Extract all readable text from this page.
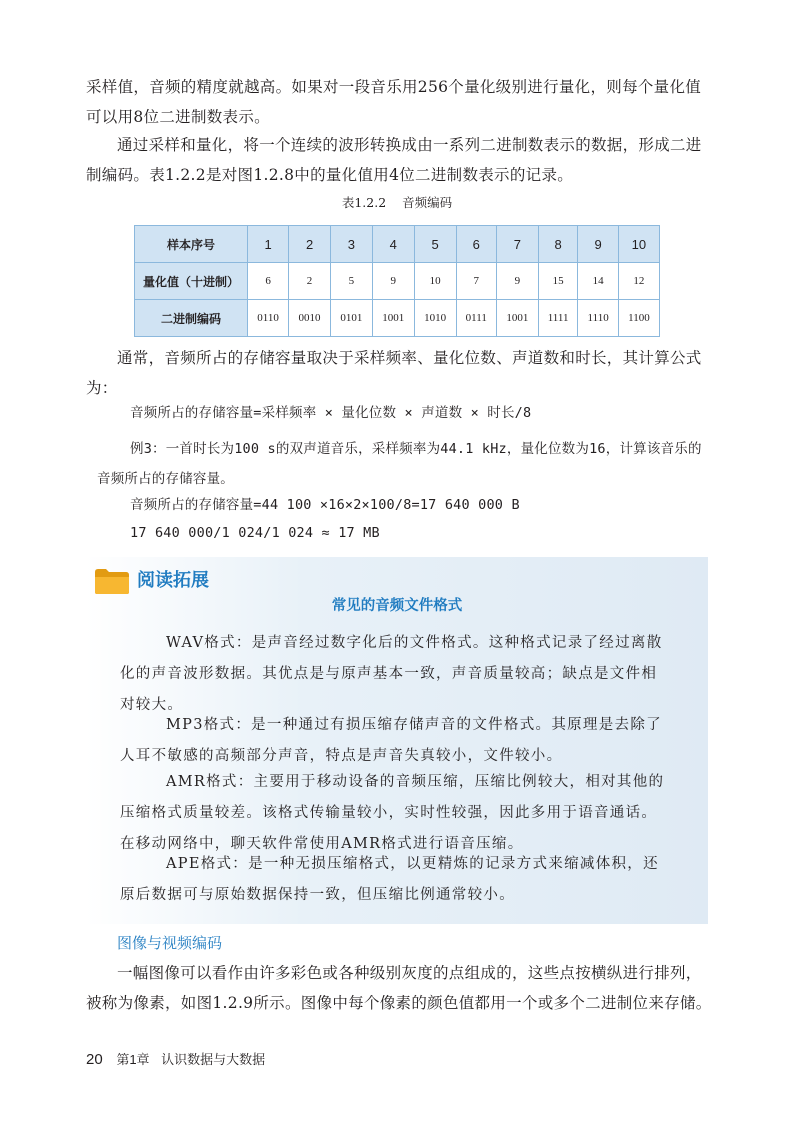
采样值，音频的精度就越高。如果对一段音乐用256个量化级别进行量化，则每个量化值可以用8位二进制数表示。

通过采样和量化，将一个连续的波形转换成由一系列二进制数表示的数据，形成二进制编码。表1.2.2是对图1.2.8中的量化值用4位二进制数表示的记录。

表1.2.2 音频编码
样本序号	1	2	3	4	5	6	7	8	9	10
量化值（十进制）	6	2	5	9	10	7	9	15	14	12
二进制编码	0110	0010	0101	1001	1010	0111	1001	1111	1110	1100

通常，音频所占的存储容量取决于采样频率、量化位数、声道数和时长，其计算公式为：

音频所占的存储容量=采样频率 × 量化位数 × 声道数 × 时长/8

例3：一首时长为100 s的双声道音乐，采样频率为44.1 kHz，量化位数为16，计算该音乐的音频所占的存储容量。

音频所占的存储容量=44 100 ×16×2×100/8=17 640 000 B

17 640 000/1 024/1 024 ≈ 17 MB

阅读拓展
常见的音频文件格式

WAV格式：是声音经过数字化后的文件格式。这种格式记录了经过离散化的声音波形数据。其优点是与原声基本一致，声音质量较高；缺点是文件相对较大。

MP3格式：是一种通过有损压缩存储声音的文件格式。其原理是去除了人耳不敏感的高频部分声音，特点是声音失真较小，文件较小。

AMR格式：主要用于移动设备的音频压缩，压缩比例较大，相对其他的压缩格式质量较差。该格式传输量较小，实时性较强，因此多用于语音通话。在移动网络中，聊天软件常使用AMR格式进行语音压缩。

APE格式：是一种无损压缩格式，以更精炼的记录方式来缩减体积，还原后数据可与原始数据保持一致，但压缩比例通常较小。

图像与视频编码

一幅图像可以看作由许多彩色或各种级别灰度的点组成的，这些点按横纵进行排列，被称为像素，如图1.2.9所示。图像中每个像素的颜色值都用一个或多个二进制位来存储。

20 第1章 认识数据与大数据
